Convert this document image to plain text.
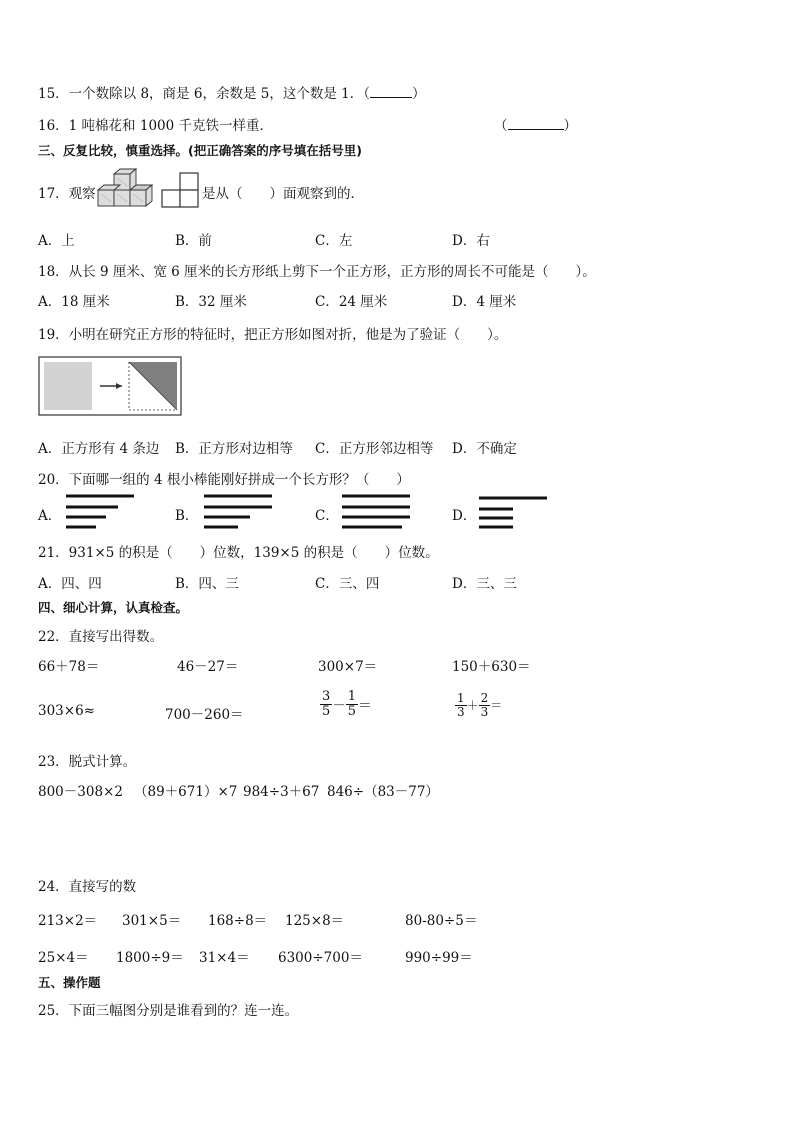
15．一个数除以 8，商是 6，余数是 5，这个数是 1．（	）
16．1 吨棉花和 1000 千克铁一样重．	（	）
三、反复比较，慎重选择。(把正确答案的序号填在括号里)
17．观察	是从（　　）面观察到的．
A．上	B．前	C．左	D．右
18．从长 9 厘米、宽 6 厘米的长方形纸上剪下一个正方形，正方形的周长不可能是（　　）。
A．18 厘米	B．32 厘米	C．24 厘米	D．4 厘米
19．小明在研究正方形的特征时，把正方形如图对折，他是为了验证（　　）。
A．正方形有 4 条边 B．正方形对边相等 C．正方形邻边相等 D．不确定
20．下面哪一组的 4 根小棒能刚好拼成一个长方形？（　　）
A．	B．	C．	D．
21．931×5 的积是（　　）位数，139×5 的积是（　　）位数。
A．四、四	B．四、三	C．三、四	D．三、三
四、细心计算，认真检查。
22．直接写出得数。
66＋78＝	46－27＝	300×7＝	150＋630＝
303×6≈	700－260＝	$\frac{3}{5} - \frac{1}{5}$ ＝	$\frac{1}{3} + \frac{2}{3}$ ＝
23．脱式计算。
800－308×2 （89＋671）×7 984÷3＋67 846÷（83－77）
24．直接写的数
213×2＝ 301×5＝ 168÷8＝ 125×8＝	80-80÷5＝
25×4＝ 1800÷9＝ 31×4＝ 6300÷700＝	990÷99＝
五、操作题
25．下面三幅图分别是谁看到的？连一连。
